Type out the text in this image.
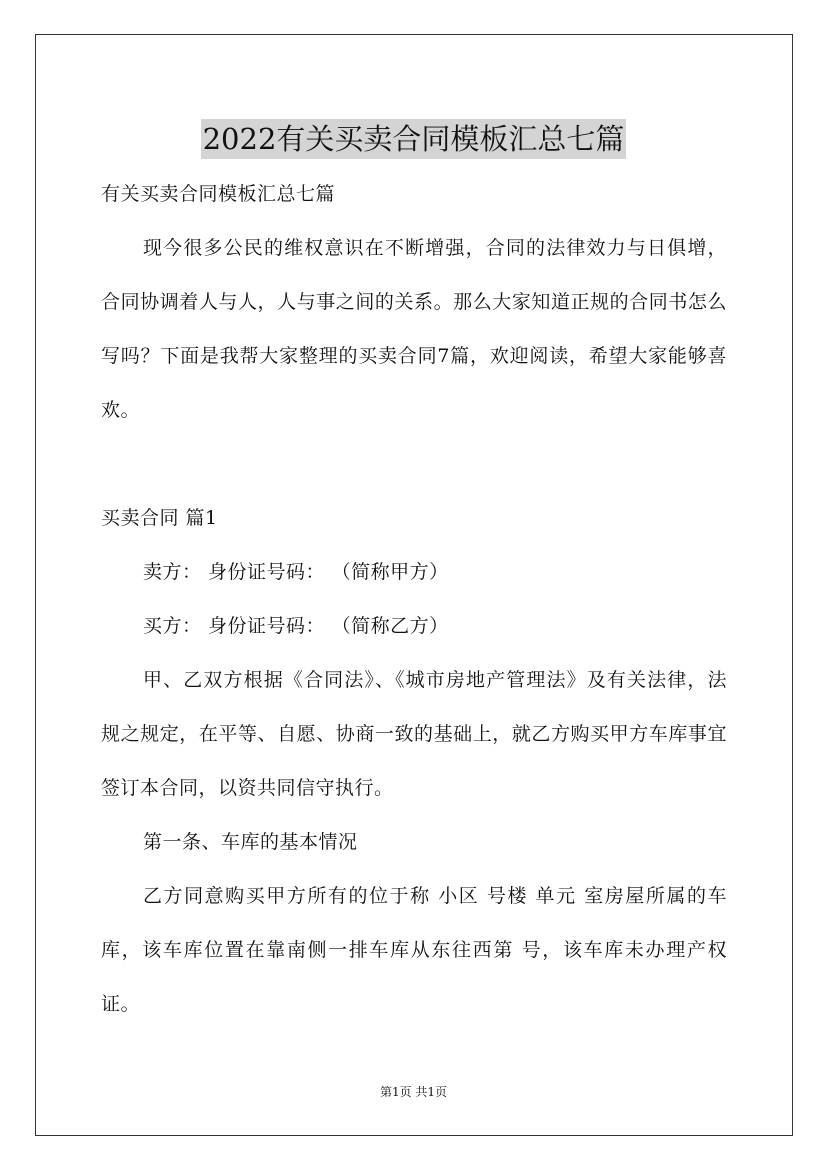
2022有关买卖合同模板汇总七篇

有关买卖合同模板汇总七篇

现今很多公民的维权意识在不断增强，合同的法律效力与日俱增，合同协调着人与人，人与事之间的关系。那么大家知道正规的合同书怎么写吗？下面是我帮大家整理的买卖合同7篇，欢迎阅读，希望大家能够喜欢。

买卖合同 篇1

卖方： 身份证号码： （简称甲方）

买方： 身份证号码： （简称乙方）

甲、乙双方根据《合同法》、《城市房地产管理法》及有关法律，法规之规定，在平等、自愿、协商一致的基础上，就乙方购买甲方车库事宜签订本合同，以资共同信守执行。

第一条、车库的基本情况

乙方同意购买甲方所有的位于称 小区 号楼 单元 室房屋所属的车库，该车库位置在靠南侧一排车库从东往西第 号，该车库未办理产权证。

第1页 共1页
